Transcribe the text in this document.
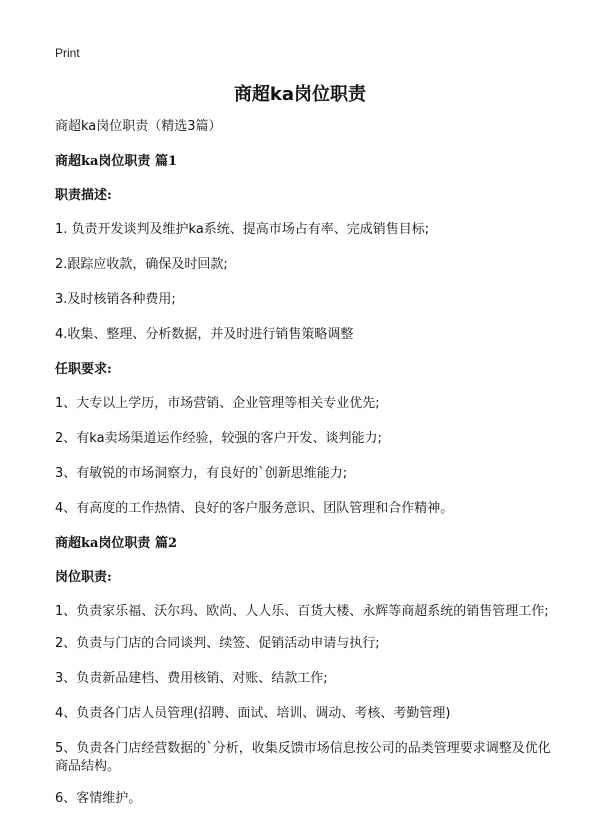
Print
商超ka岗位职责

商超ka岗位职责（精选3篇）

商超ka岗位职责 篇1

职责描述:

1. 负责开发谈判及维护ka系统、提高市场占有率、完成销售目标;

2.跟踪应收款，确保及时回款;

3.及时核销各种费用;

4.收集、整理、分析数据，并及时进行销售策略调整

任职要求:

1、大专以上学历，市场营销、企业管理等相关专业优先;

2、有ka卖场渠道运作经验，较强的客户开发、谈判能力;

3、有敏锐的市场洞察力，有良好的`创新思维能力;

4、有高度的工作热情、良好的客户服务意识、团队管理和合作精神。

商超ka岗位职责 篇2

岗位职责:

1、负责家乐福、沃尔玛、欧尚、人人乐、百货大楼、永辉等商超系统的销售管理工作;

2、负责与门店的合同谈判、续签、促销活动申请与执行;

3、负责新品建档、费用核销、对账、结款工作;

4、负责各门店人员管理(招聘、面试、培训、调动、考核、考勤管理)

5、负责各门店经营数据的`分析，收集反馈市场信息按公司的品类管理要求调整及优化商品结构。

6、客情维护。
